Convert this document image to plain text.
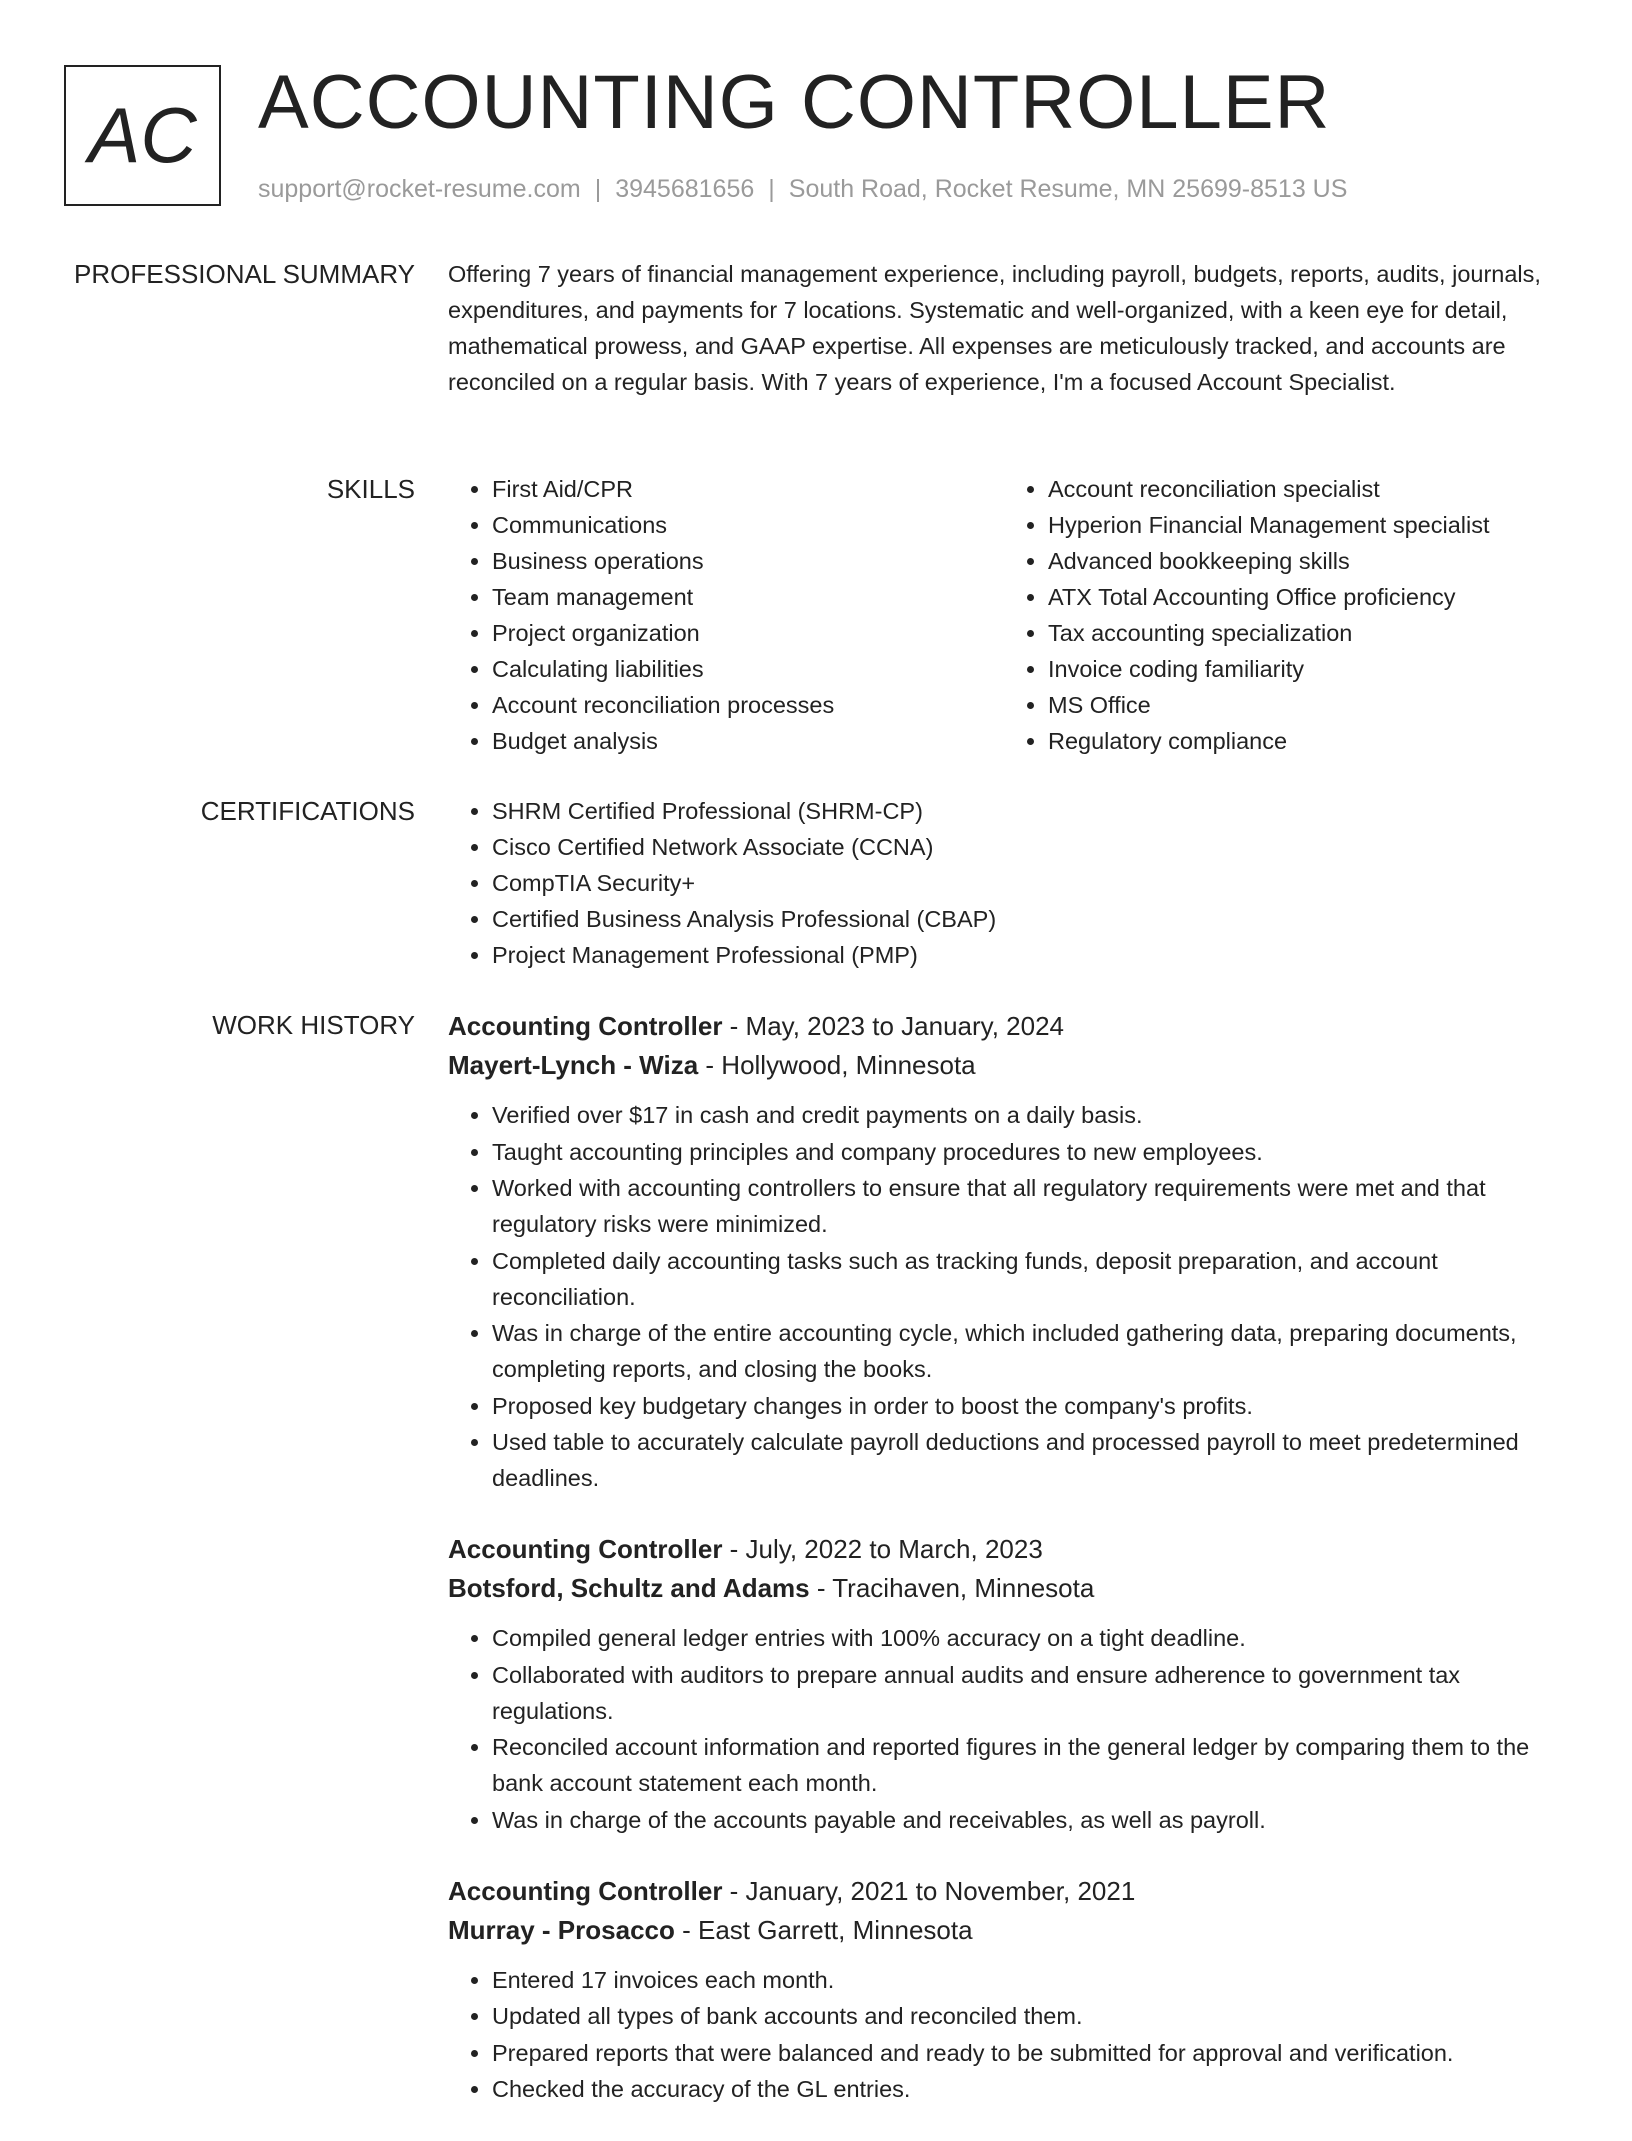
AC ACCOUNTING CONTROLLER
support@rocket-resume.com | 3945681656 | South Road, Rocket Resume, MN 25699-8513 US
PROFESSIONAL SUMMARY Offering 7 years of financial management experience, including payroll, budgets, reports, audits, journals, expenditures, and payments for 7 locations. Systematic and well-organized, with a keen eye for detail, mathematical prowess, and GAAP expertise. All expenses are meticulously tracked, and accounts are reconciled on a regular basis. With 7 years of experience, I'm a focused Account Specialist.

SKILLS	• First Aid/CPR
• Communications
• Business operations
• Team management
• Project organization
• Calculating liabilities
• Account reconciliation processes
• Budget analysis
• Account reconciliation specialist
• Hyperion Financial Management specialist
• Advanced bookkeeping skills
• ATX Total Accounting Office proficiency
• Tax accounting specialization
• Invoice coding familiarity
• MS Office
• Regulatory compliance
CERTIFICATIONS	• SHRM Certified Professional (SHRM-CP)
• Cisco Certified Network Associate (CCNA)
• CompTIA Security+
• Certified Business Analysis Professional (CBAP)
• Project Management Professional (PMP)
WORK HISTORY Accounting Controller - May, 2023 to January, 2024
Mayert-Lynch - Wiza - Hollywood, Minnesota
• Verified over $17 in cash and credit payments on a daily basis.
• Taught accounting principles and company procedures to new employees.
• Worked with accounting controllers to ensure that all regulatory requirements were met and that regulatory risks were minimized.
• Completed daily accounting tasks such as tracking funds, deposit preparation, and account reconciliation.
• Was in charge of the entire accounting cycle, which included gathering data, preparing documents, completing reports, and closing the books.
• Proposed key budgetary changes in order to boost the company's profits.
• Used table to accurately calculate payroll deductions and processed payroll to meet predetermined deadlines.
Accounting Controller - July, 2022 to March, 2023
Botsford, Schultz and Adams - Tracihaven, Minnesota
• Compiled general ledger entries with 100% accuracy on a tight deadline.
• Collaborated with auditors to prepare annual audits and ensure adherence to government tax regulations.
• Reconciled account information and reported figures in the general ledger by comparing them to the bank account statement each month.
• Was in charge of the accounts payable and receivables, as well as payroll.
Accounting Controller - January, 2021 to November, 2021
Murray - Prosacco - East Garrett, Minnesota
• Entered 17 invoices each month.
• Updated all types of bank accounts and reconciled them.
• Prepared reports that were balanced and ready to be submitted for approval and verification.
• Checked the accuracy of the GL entries.
